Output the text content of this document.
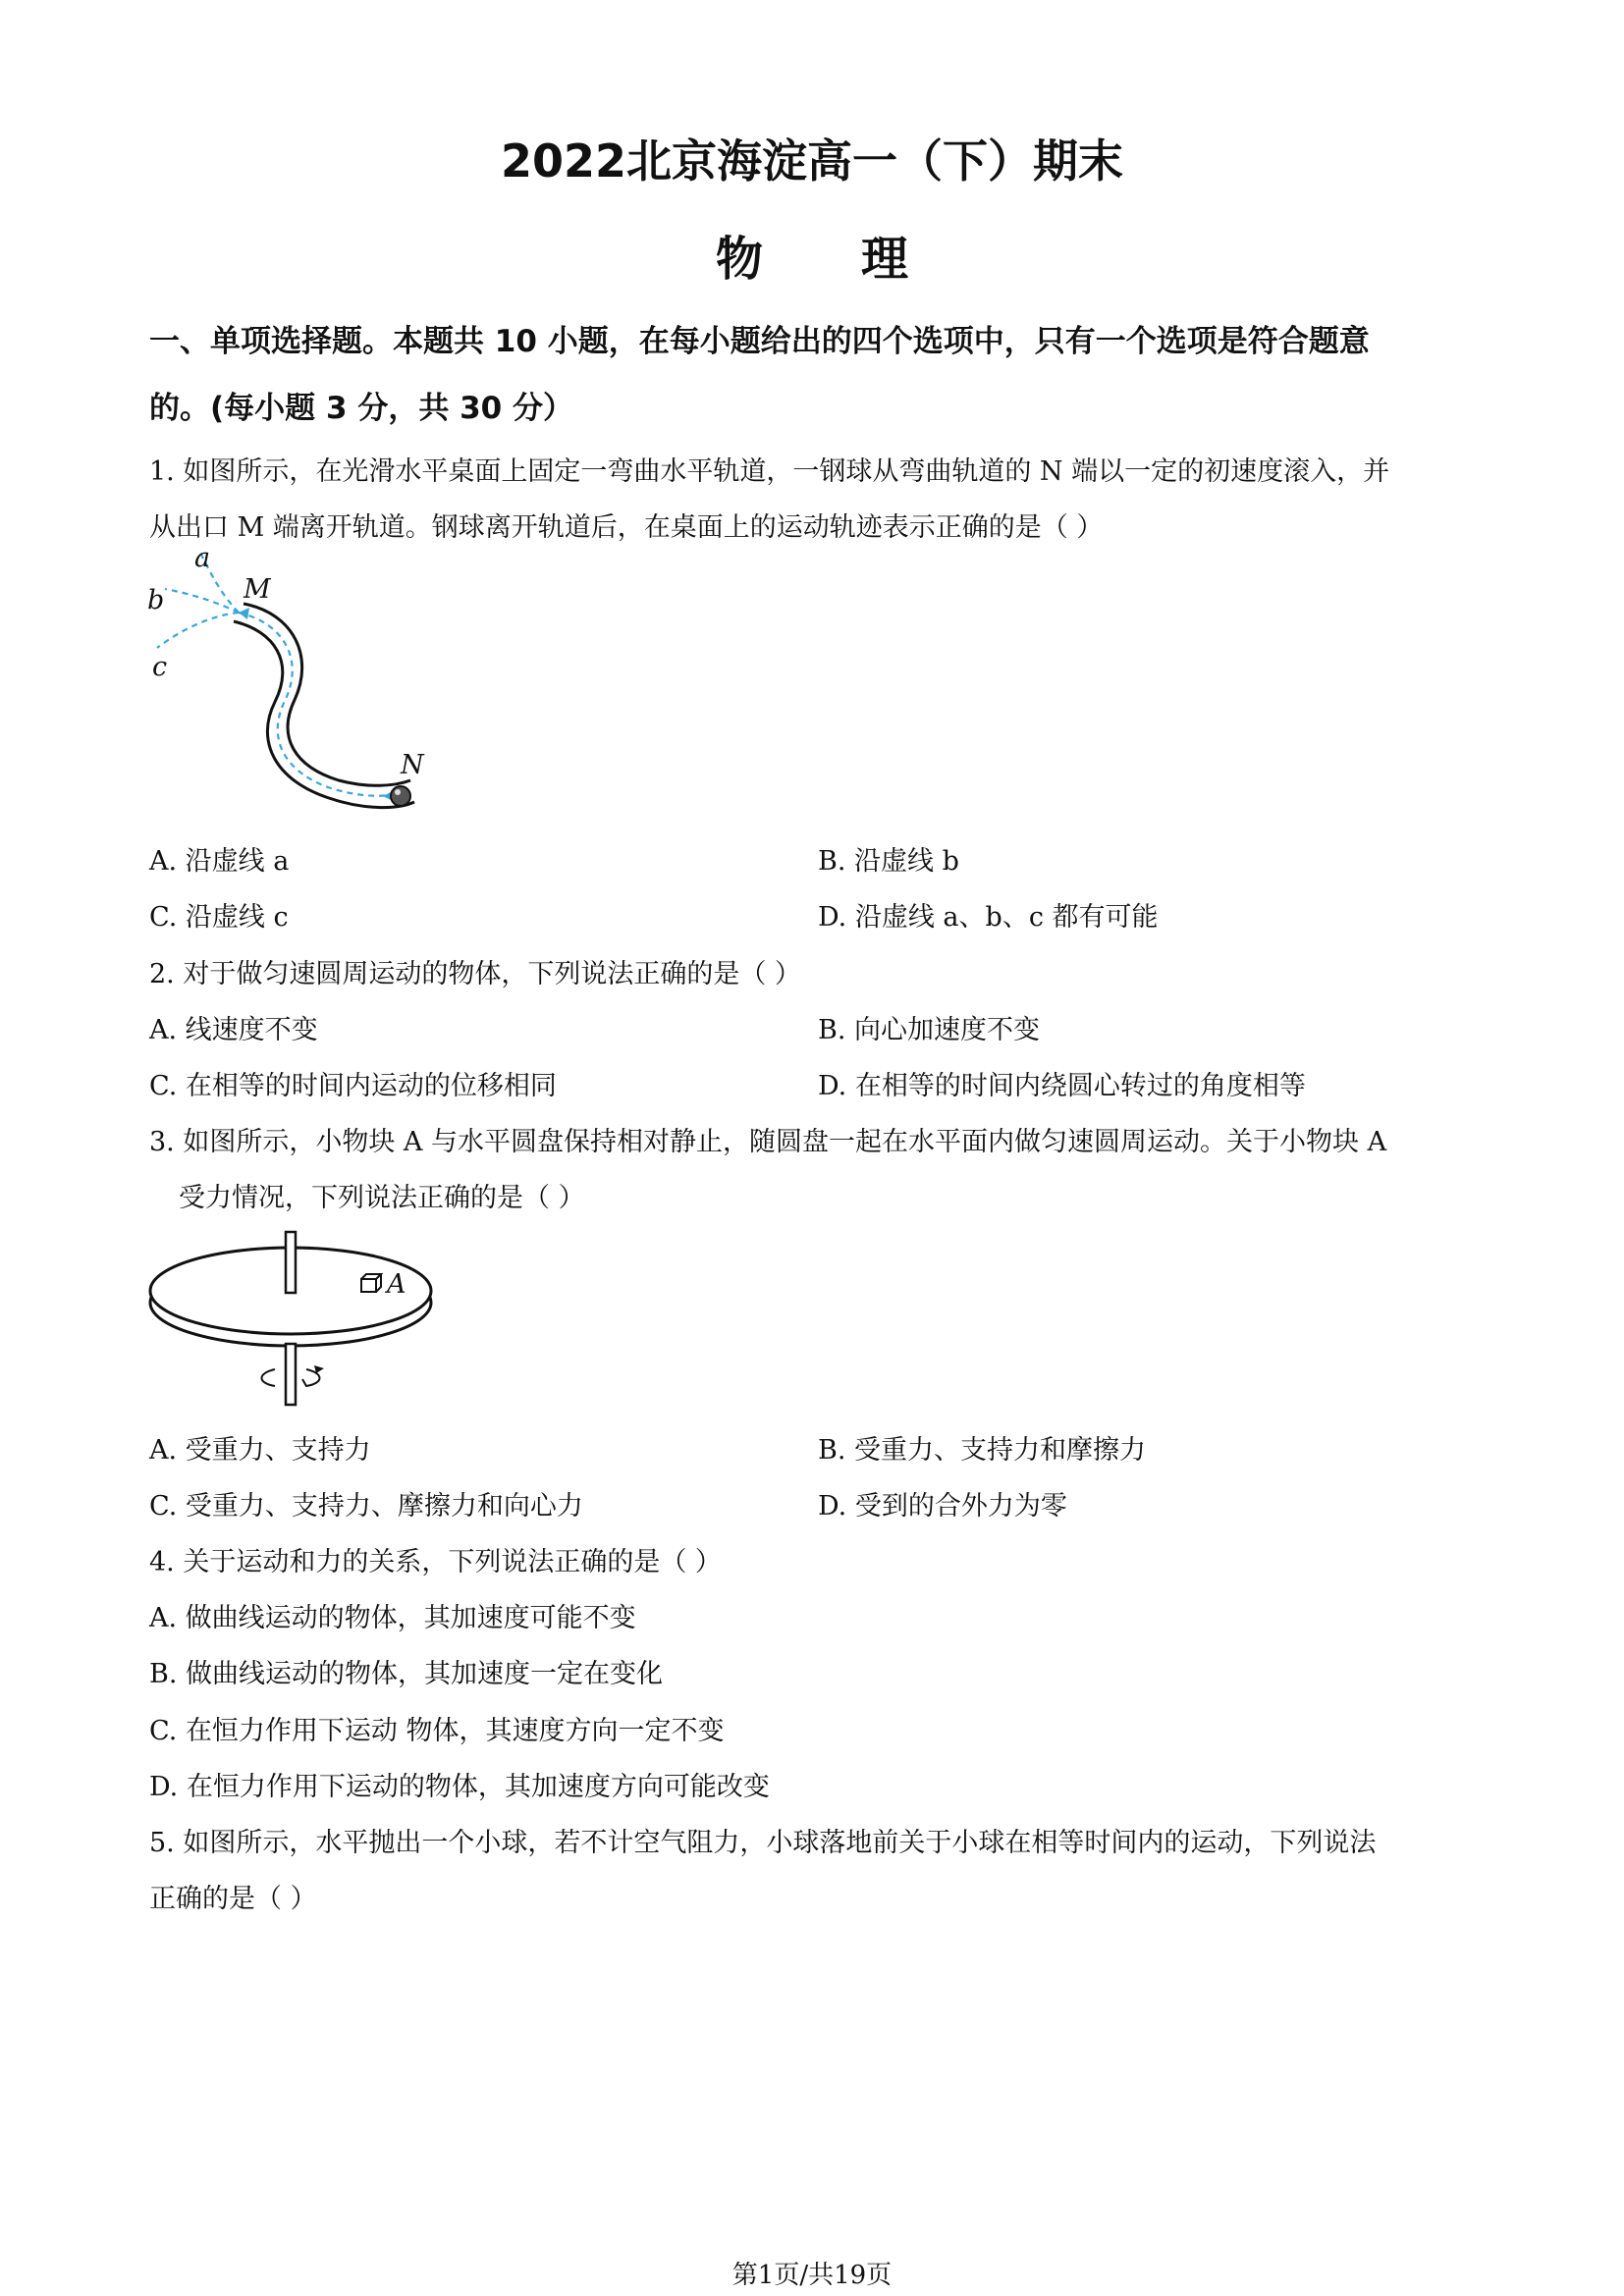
2022北京海淀高一（下）期末
物理
一、单项选择题。本题共 10 小题，在每小题给出的四个选项中，只有一个选项是符合题意
的。(每小题 3 分，共 30 分）
1. 如图所示，在光滑水平桌面上固定一弯曲水平轨道，一钢球从弯曲轨道的 N 端以一定的初速度滚入，并
从出口 M 端离开轨道。钢球离开轨道后，在桌面上的运动轨迹表示正确的是（ ）
a
b
c
M
N
A. 沿虚线 a	B. 沿虚线 b
C. 沿虚线 c	D. 沿虚线 a、b、c 都有可能
2. 对于做匀速圆周运动的物体，下列说法正确的是（ ）
A. 线速度不变	B. 向心加速度不变
C. 在相等的时间内运动的位移相同	D. 在相等的时间内绕圆心转过的角度相等
3. 如图所示，小物块 A 与水平圆盘保持相对静止，随圆盘一起在水平面内做匀速圆周运动。关于小物块 A
受力情况，下列说法正确的是（ ）
A
A. 受重力、支持力	B. 受重力、支持力和摩擦力
C. 受重力、支持力、摩擦力和向心力	D. 受到的合外力为零
4. 关于运动和力的关系，下列说法正确的是（ ）
A. 做曲线运动的物体，其加速度可能不变
B. 做曲线运动的物体，其加速度一定在变化
C. 在恒力作用下运动 物体，其速度方向一定不变
D. 在恒力作用下运动的物体，其加速度方向可能改变
5. 如图所示，水平抛出一个小球，若不计空气阻力，小球落地前关于小球在相等时间内的运动，下列说法
正确的是（ ）
第1页/共19页
